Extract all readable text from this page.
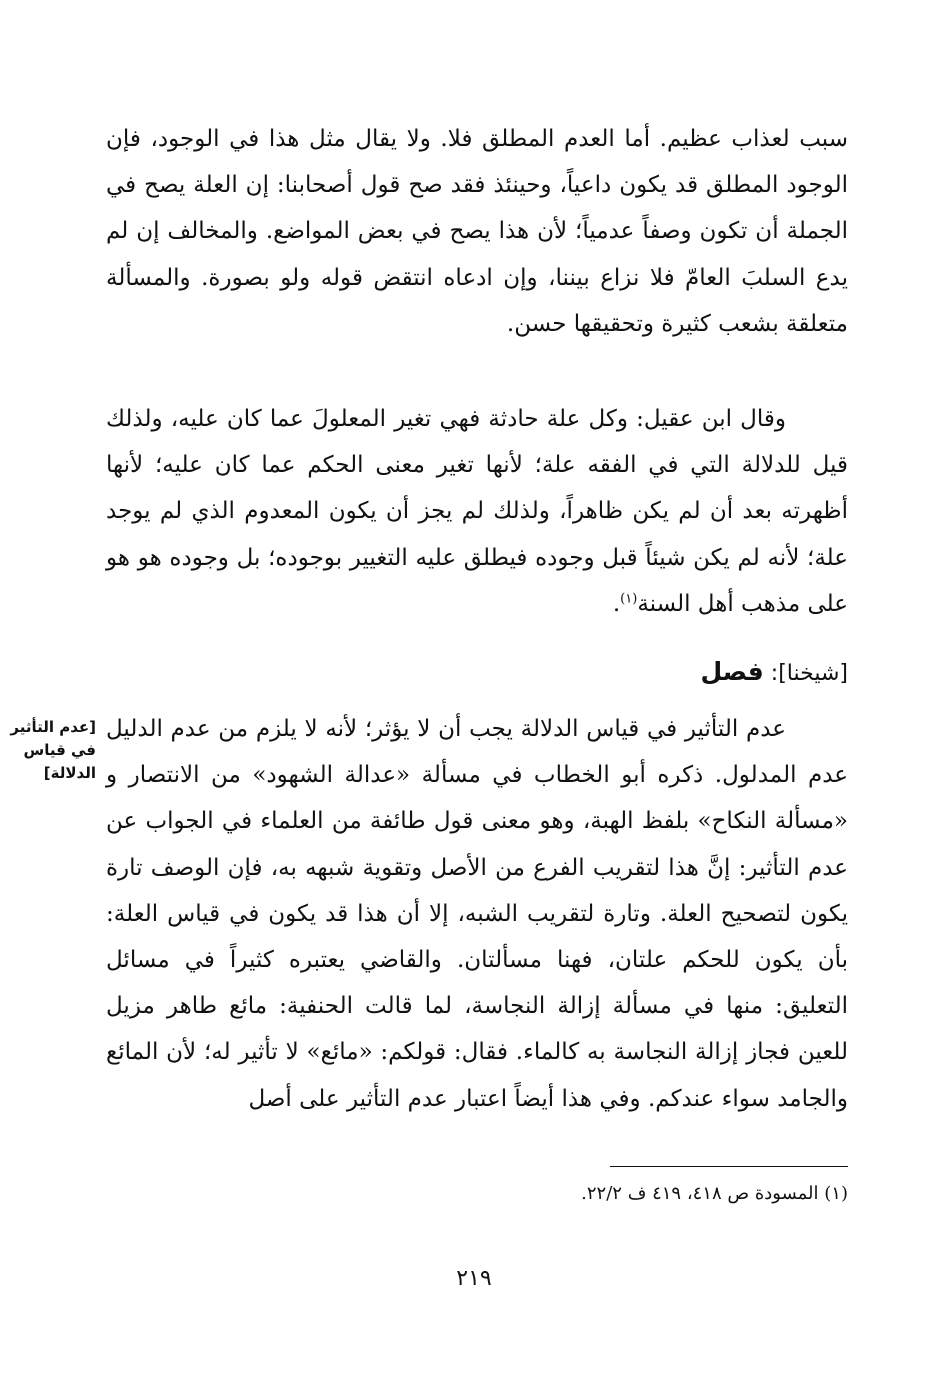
سبب لعذاب عظيم. أما العدم المطلق فلا. ولا يقال مثل هذا في الوجود، فإن الوجود المطلق قد يكون داعياً، وحينئذ فقد صح قول أصحابنا: إن العلة يصح في الجملة أن تكون وصفاً عدمياً؛ لأن هذا يصح في بعض المواضع. والمخالف إن لم يدع السلبَ العامّ فلا نزاع بيننا، وإن ادعاه انتقض قوله ولو بصورة. والمسألة متعلقة بشعب كثيرة وتحقيقها حسن.

وقال ابن عقيل: وكل علة حادثة فهي تغير المعلولَ عما كان عليه، ولذلك قيل للدلالة التي في الفقه علة؛ لأنها تغير معنى الحكم عما كان عليه؛ لأنها أظهرته بعد أن لم يكن ظاهراً، ولذلك لم يجز أن يكون المعدوم الذي لم يوجد علة؛ لأنه لم يكن شيئاً قبل وجوده فيطلق عليه التغيير بوجوده؛ بل وجوده هو هو على مذهب أهل السنة$^{(١)}$.

[شيخنا]: فصل
[عدم التأثير في قياس الدلالة]

عدم التأثير في قياس الدلالة يجب أن لا يؤثر؛ لأنه لا يلزم من عدم الدليل عدم المدلول. ذكره أبو الخطاب في مسألة «عدالة الشهود» من الانتصار و «مسألة النكاح» بلفظ الهبة، وهو معنى قول طائفة من العلماء في الجواب عن عدم التأثير: إنَّ هذا لتقريب الفرع من الأصل وتقوية شبهه به، فإن الوصف تارة يكون لتصحيح العلة. وتارة لتقريب الشبه، إلا أن هذا قد يكون في قياس العلة: بأن يكون للحكم علتان، فهنا مسألتان. والقاضي يعتبره كثيراً في مسائل التعليق: منها في مسألة إزالة النجاسة، لما قالت الحنفية: مائع طاهر مزيل للعين فجاز إزالة النجاسة به كالماء. فقال: قولكم: «مائع» لا تأثير له؛ لأن المائع والجامد سواء عندكم. وفي هذا أيضاً اعتبار عدم التأثير على أصل

(١) المسودة ص ٤١٨، ٤١٩ ف ٢٢/٢.
٢١٩
